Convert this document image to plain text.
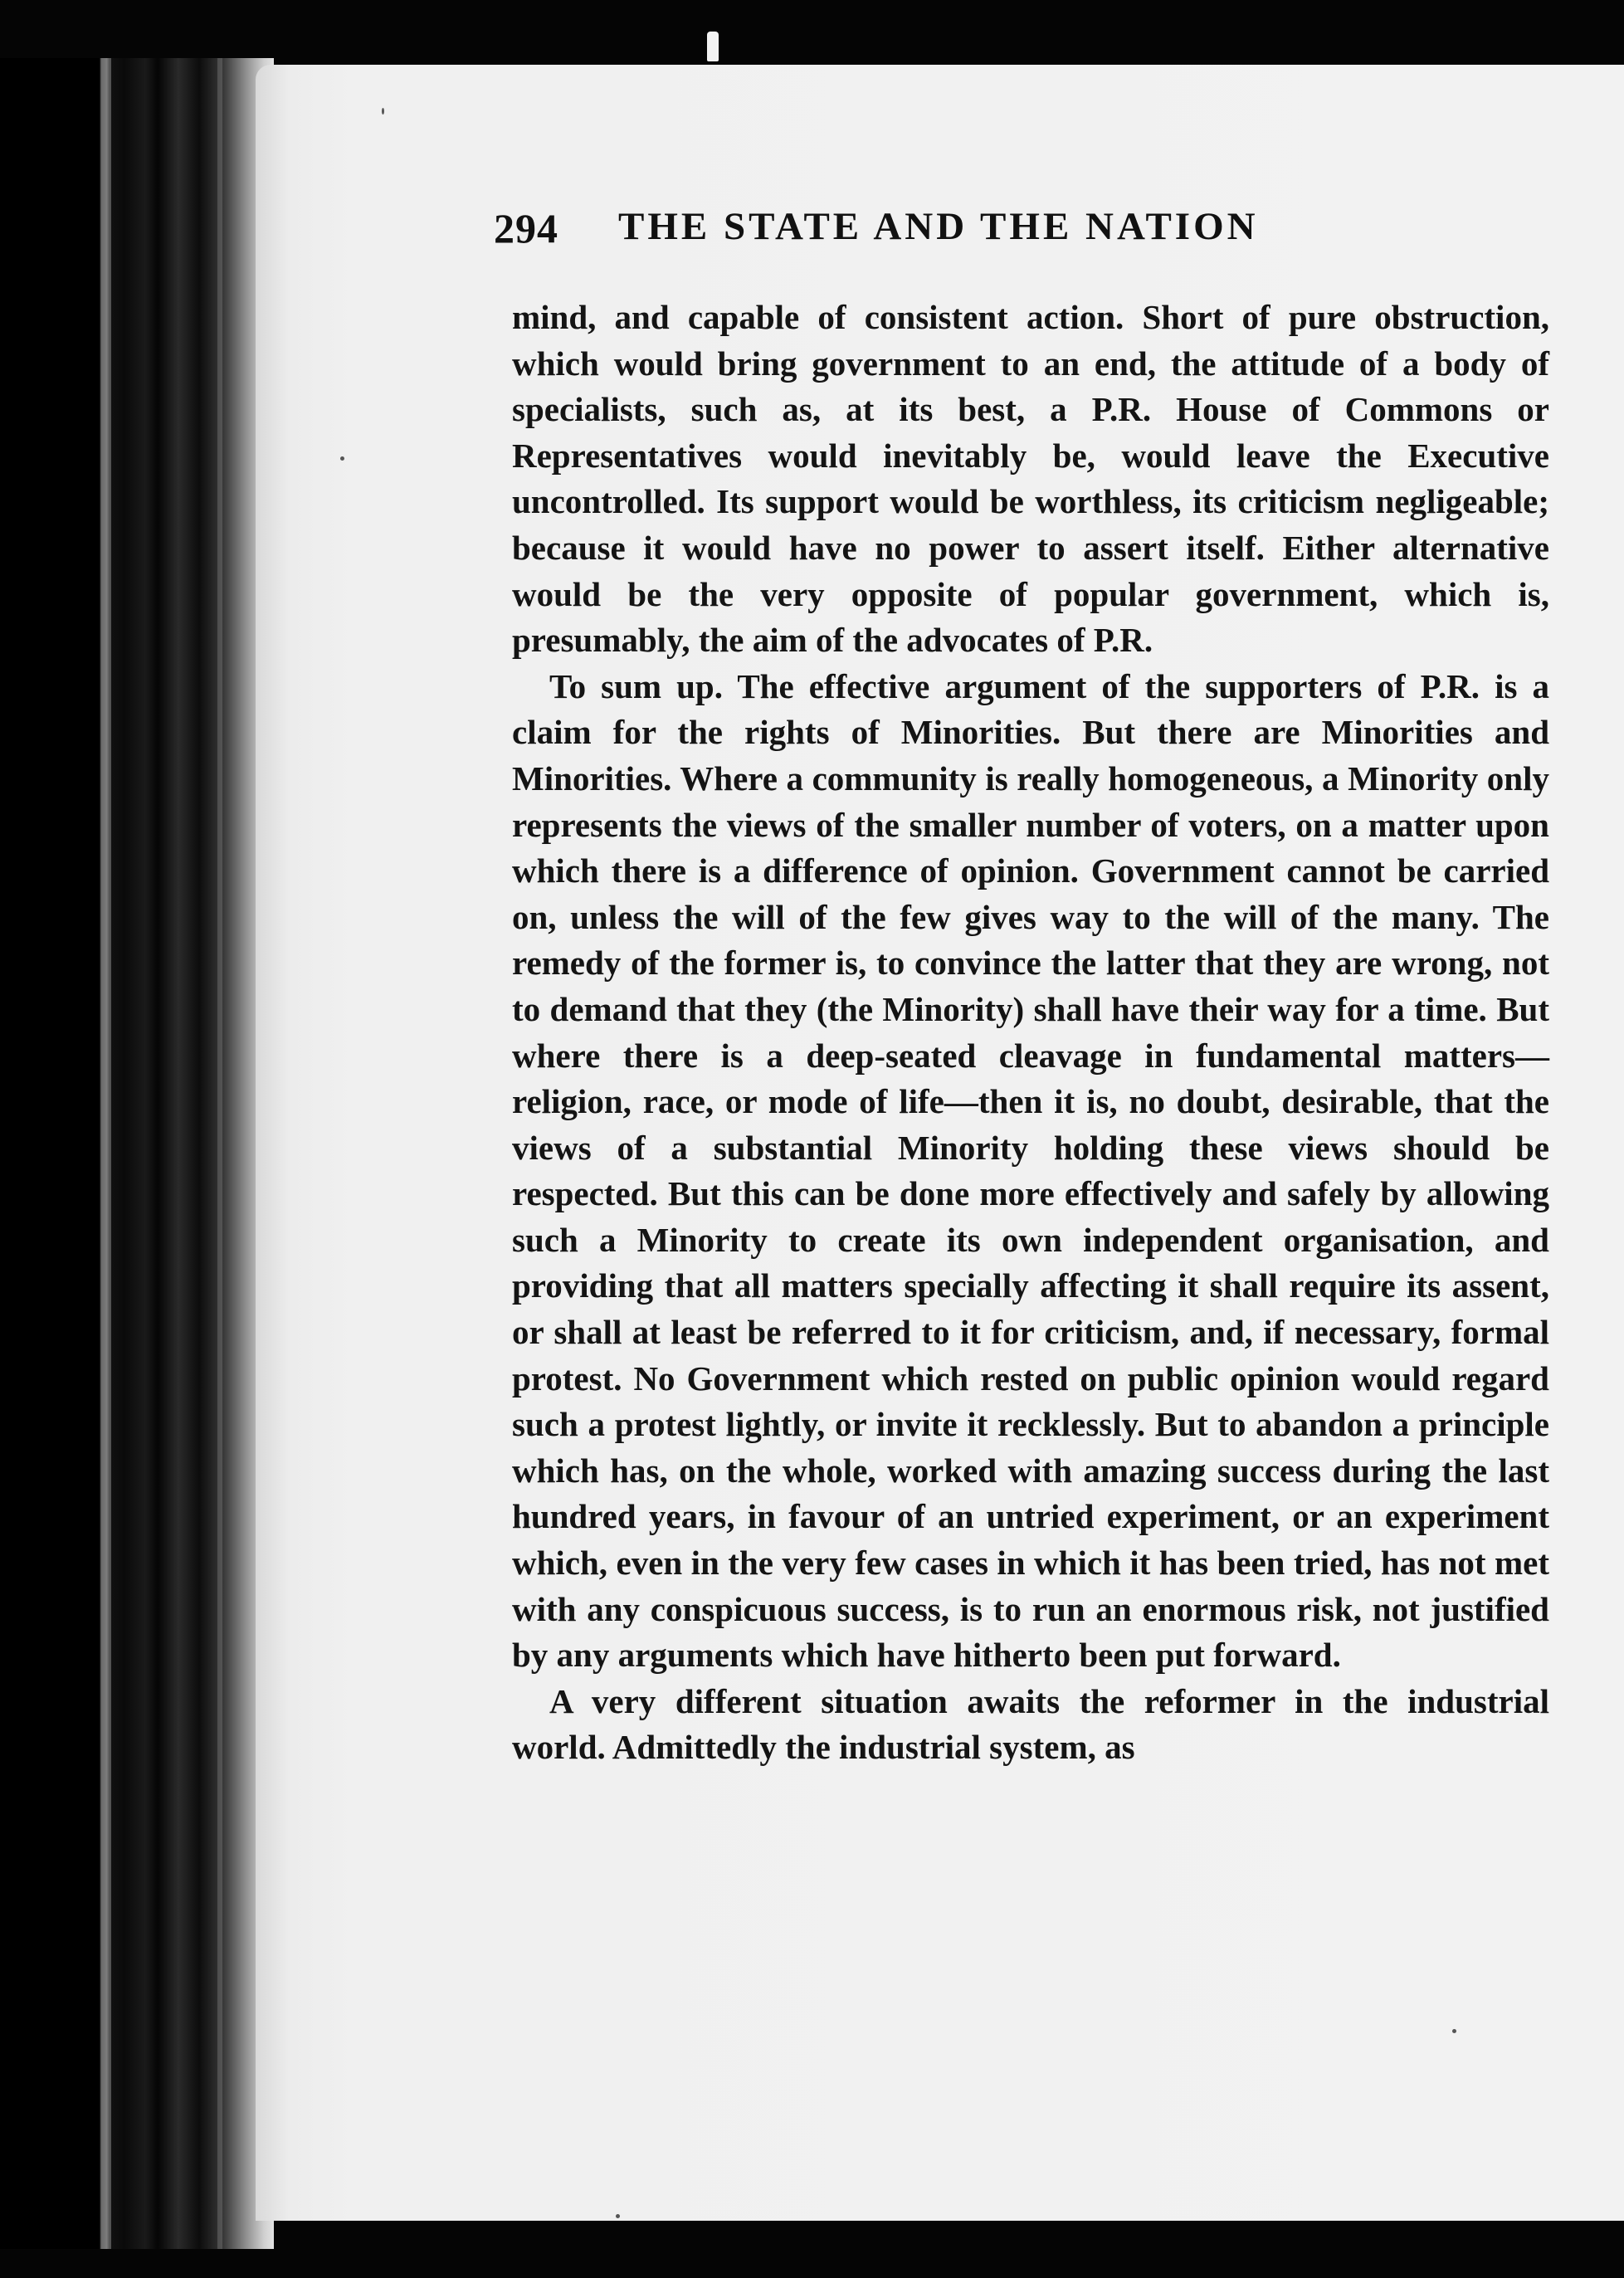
294 THE STATE AND THE NATION

mind, and capable of consistent action. Short of pure obstruction, which would bring government to an end, the attitude of a body of specialists, such as, at its best, a P.R. House of Commons or Representatives would inevitably be, would leave the Executive uncontrolled. Its support would be worthless, its criticism negligeable; because it would have no power to assert itself. Either alternative would be the very opposite of popular government, which is, presumably, the aim of the advocates of P.R.

To sum up. The effective argument of the supporters of P.R. is a claim for the rights of Minorities. But there are Minorities and Minorities. Where a community is really homogeneous, a Minority only represents the views of the smaller number of voters, on a matter upon which there is a difference of opinion. Government cannot be carried on, unless the will of the few gives way to the will of the many. The remedy of the former is, to convince the latter that they are wrong, not to demand that they (the Minority) shall have their way for a time. But where there is a deep-seated cleavage in fundamental matters—religion, race, or mode of life—then it is, no doubt, desirable, that the views of a substantial Minority holding these views should be respected. But this can be done more effectively and safely by allowing such a Minority to create its own independent organisation, and providing that all matters specially affecting it shall require its assent, or shall at least be referred to it for criticism, and, if necessary, formal protest. No Government which rested on public opinion would regard such a protest lightly, or invite it recklessly. But to abandon a principle which has, on the whole, worked with amazing success during the last hundred years, in favour of an untried experiment, or an experiment which, even in the very few cases in which it has been tried, has not met with any conspicuous success, is to run an enormous risk, not justified by any arguments which have hitherto been put forward.

A very different situation awaits the reformer in the industrial world. Admittedly the industrial system, as
